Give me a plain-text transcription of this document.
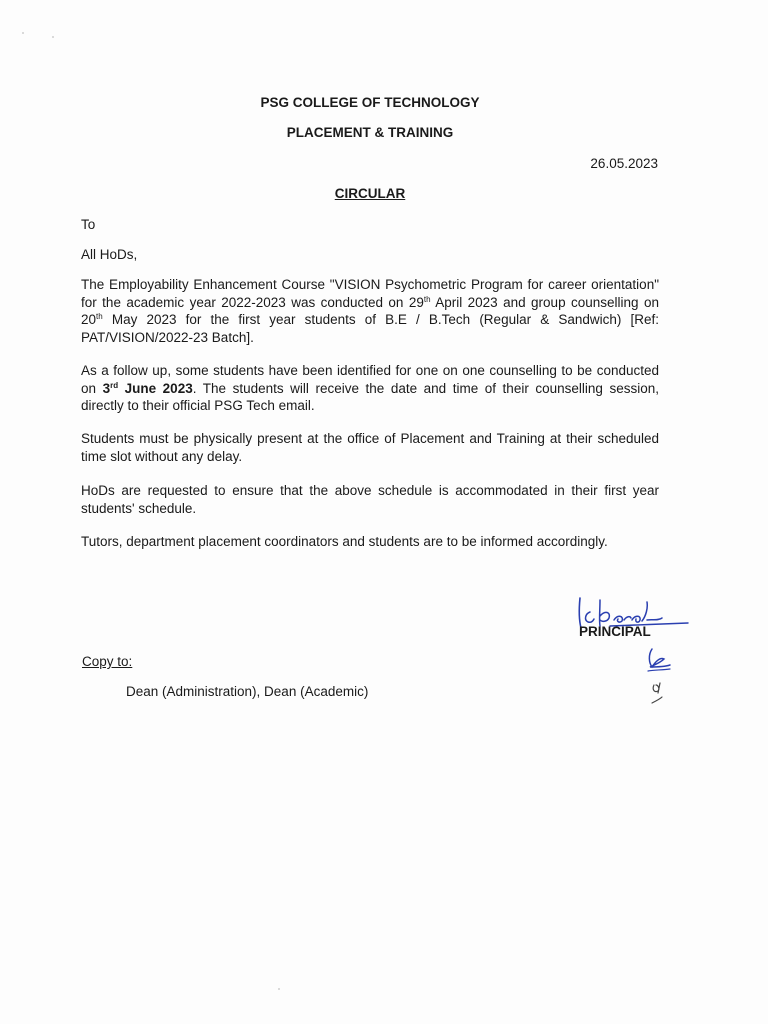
PSG COLLEGE OF TECHNOLOGY
PLACEMENT & TRAINING
26.05.2023
CIRCULAR
To
All HoDs,
The Employability Enhancement Course "VISION Psychometric Program for career orientation" for the academic year 2022-2023 was conducted on 29th April 2023 and group counselling on 20th May 2023 for the first year students of B.E / B.Tech (Regular & Sandwich) [Ref: PAT/VISION/2022-23 Batch].
As a follow up, some students have been identified for one on one counselling to be conducted on 3rd June 2023. The students will receive the date and time of their counselling session, directly to their official PSG Tech email.
Students must be physically present at the office of Placement and Training at their scheduled time slot without any delay.
HoDs are requested to ensure that the above schedule is accommodated in their first year students' schedule.
Tutors, department placement coordinators and students are to be informed accordingly.
PRINCIPAL
Copy to:
Dean (Administration), Dean (Academic)
